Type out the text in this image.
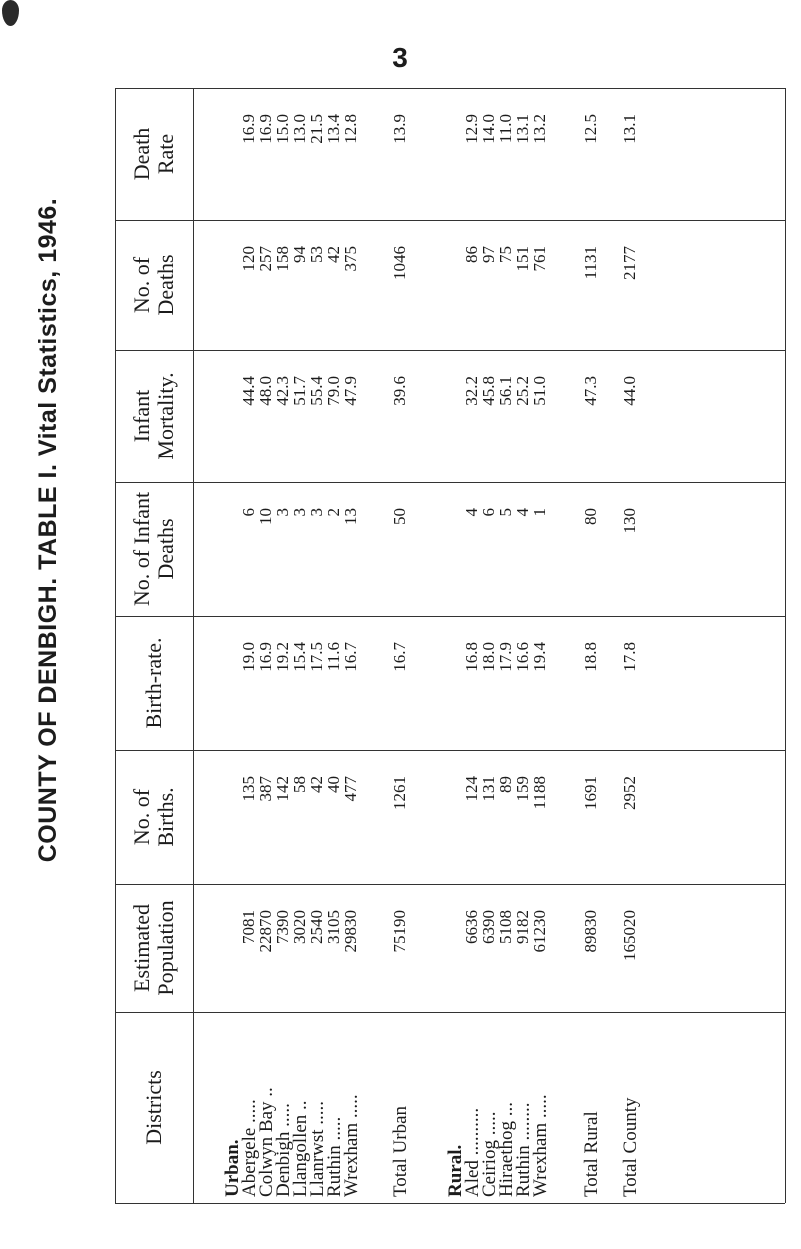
3
COUNTY OF DENBIGH. TABLE I. Vital Statistics, 1946.
Death Rate
No. of Deaths
Infant Mortality.
No. of Infant Deaths
Birth-rate.
No. of Births.
Estimated Population
Districts
Urban.
16.9
120
44.4
6
19.0
135
7081
Abergele .....
16.9
257
48.0
10
16.9
387
22870
Colwyn Bay ..
15.0
158
42.3
3
19.2
142
7390
Denbigh .....
13.0
94
51.7
3
15.4
58
3020
Llangollen ..
21.5
53
55.4
3
17.5
42
2540
Llanrwst .....
13.4
42
79.0
2
11.6
40
3105
Ruthin .....
12.8
375
47.9
13
16.7
477
29830
Wrexham .....
13.9
1046
39.6
50
16.7
1261
75190
Total Urban Rural.
12.9
86
32.2
4
16.8
124
6636
Aled ..........
14.0
97
45.8
6
18.0
131
6390
Ceiriog .....
11.0
75
56.1
5
17.9
89
5108
Hiraethog ...
13.1
151
25.2
4
16.6
159
9182
Ruthin ........
13.2
761
51.0
1
19.4
1188
61230
Wrexham .....
12.5
1131
47.3
80
18.8
1691
89830
Total Rural
13.1
2177
44.0
130
17.8
2952
165020
Total County
